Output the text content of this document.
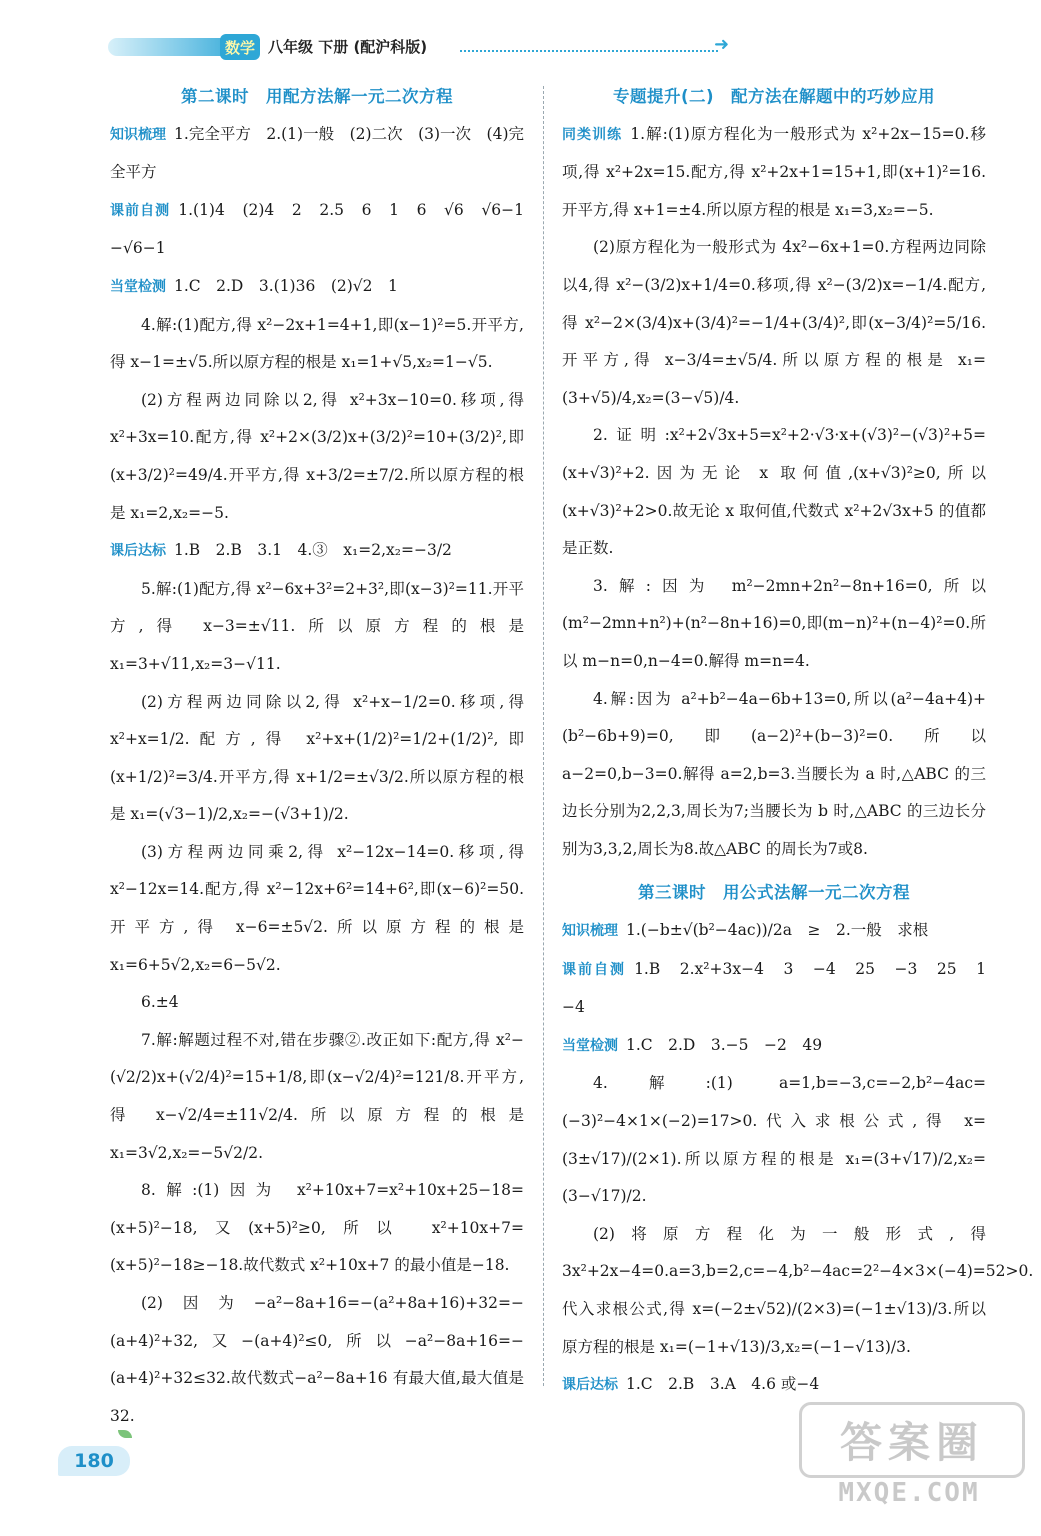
数学 八年级 下册 (配沪科版)	➜
第二课时　用配方法解一元二次方程

知识梳理 1.完全平方　2.(1)一般　(2)二次　(3)一次　(4)完全平方

课前自测 1.(1)4　(2)4　2　2.5　6　1　6　√6　√6−1　−√6−1

当堂检测 1.C　2.D　3.(1)36　(2)√2　1

4.解:(1)配方,得 x²−2x+1=4+1,即(x−1)²=5.开平方,得 x−1=±√5.所以原方程的根是 x₁=1+√5,x₂=1−√5.

(2)方程两边同除以2,得 x²+3x−10=0.移项,得 x²+3x=10.配方,得 x²+2×(3/2)x+(3/2)²=10+(3/2)²,即(x+3/2)²=49/4.开平方,得 x+3/2=±7/2.所以原方程的根是 x₁=2,x₂=−5.

课后达标 1.B　2.B　3.1　4.③　x₁=2,x₂=−3/2

5.解:(1)配方,得 x²−6x+3²=2+3²,即(x−3)²=11.开平方,得 x−3=±√11.所以原方程的根是 x₁=3+√11,x₂=3−√11.

(2)方程两边同除以2,得 x²+x−1/2=0.移项,得 x²+x=1/2.配方,得 x²+x+(1/2)²=1/2+(1/2)²,即(x+1/2)²=3/4.开平方,得 x+1/2=±√3/2.所以原方程的根是 x₁=(√3−1)/2,x₂=−(√3+1)/2.

(3)方程两边同乘2,得 x²−12x−14=0.移项,得 x²−12x=14.配方,得 x²−12x+6²=14+6²,即(x−6)²=50.开平方,得 x−6=±5√2.所以原方程的根是 x₁=6+5√2,x₂=6−5√2.

6.±4

7.解:解题过程不对,错在步骤②.改正如下:配方,得 x²−(√2/2)x+(√2/4)²=15+1/8,即(x−√2/4)²=121/8.开平方,得 x−√2/4=±11√2/4.所以原方程的根是 x₁=3√2,x₂=−5√2/2.

8.解:(1)因为 x²+10x+7=x²+10x+25−18=(x+5)²−18,又(x+5)²≥0,所以 x²+10x+7=(x+5)²−18≥−18.故代数式 x²+10x+7 的最小值是−18.

(2)因为−a²−8a+16=−(a²+8a+16)+32=−(a+4)²+32,又−(a+4)²≤0,所以−a²−8a+16=−(a+4)²+32≤32.故代数式−a²−8a+16 有最大值,最大值是32.

专题提升(二)　配方法在解题中的巧妙应用

同类训练 1.解:(1)原方程化为一般形式为 x²+2x−15=0.移项,得 x²+2x=15.配方,得 x²+2x+1=15+1,即(x+1)²=16.开平方,得 x+1=±4.所以原方程的根是 x₁=3,x₂=−5.

(2)原方程化为一般形式为 4x²−6x+1=0.方程两边同除以4,得 x²−(3/2)x+1/4=0.移项,得 x²−(3/2)x=−1/4.配方,得 x²−2×(3/4)x+(3/4)²=−1/4+(3/4)²,即(x−3/4)²=5/16.开平方,得 x−3/4=±√5/4.所以原方程的根是 x₁=(3+√5)/4,x₂=(3−√5)/4.

2.证明:x²+2√3x+5=x²+2·√3·x+(√3)²−(√3)²+5=(x+√3)²+2.因为无论 x 取何值,(x+√3)²≥0,所以(x+√3)²+2>0.故无论 x 取何值,代数式 x²+2√3x+5 的值都是正数.

3.解:因为 m²−2mn+2n²−8n+16=0,所以(m²−2mn+n²)+(n²−8n+16)=0,即(m−n)²+(n−4)²=0.所以 m−n=0,n−4=0.解得 m=n=4.

4.解:因为 a²+b²−4a−6b+13=0,所以(a²−4a+4)+(b²−6b+9)=0,即(a−2)²+(b−3)²=0.所以 a−2=0,b−3=0.解得 a=2,b=3.当腰长为 a 时,△ABC 的三边长分别为2,2,3,周长为7;当腰长为 b 时,△ABC 的三边长分别为3,3,2,周长为8.故△ABC 的周长为7或8.

第三课时　用公式法解一元二次方程

知识梳理 1.(−b±√(b²−4ac))/2a　≥　2.一般　求根

课前自测 1.B　2.x²+3x−4　3　−4　25　−3　25　1　−4

当堂检测 1.C　2.D　3.−5　−2　49

4.解:(1) a=1,b=−3,c=−2,b²−4ac=(−3)²−4×1×(−2)=17>0.代入求根公式,得 x=(3±√17)/(2×1).所以原方程的根是 x₁=(3+√17)/2,x₂=(3−√17)/2.

(2)将原方程化为一般形式,得 3x²+2x−4=0.a=3,b=2,c=−4,b²−4ac=2²−4×3×(−4)=52>0.代入求根公式,得 x=(−2±√52)/(2×3)=(−1±√13)/3.所以原方程的根是 x₁=(−1+√13)/3,x₂=(−1−√13)/3.

课后达标 1.C　2.B　3.A　4.6 或−4

180	答案圈
MXQE.COM
